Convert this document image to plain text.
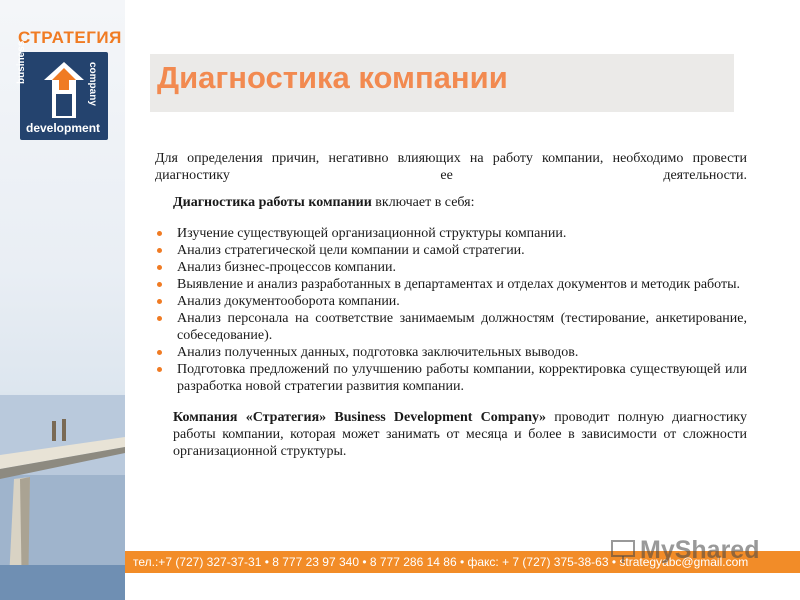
СТРАТЕГИЯ
business	company
development
Диагностика компании

Для определения причин, негативно влияющих на работу компании, необходимо провести диагностику ее деятельности.

Диагностика работы компании включает в себя:

Изучение существующей организационной структуры компании.
Анализ стратегической цели компании и самой стратегии.
Анализ бизнес-процессов компании.
Выявление и анализ разработанных в департаментах и отделах документов и методик работы.
Анализ документооборота компании.
Анализ персонала на соответствие занимаемым должностям (тестирование, анкетирование, собеседование).
Анализ полученных данных, подготовка заключительных выводов.
Подготовка предложений по улучшению работы компании, корректировка существующей или разработка новой стратегии развития компании.

Компания «Стратегия» Business Development Company» проводит полную диагностику работы компании, которая может занимать от месяца и более в зависимости от сложности организационной структуры.

тел.:+7 (727) 327-37-31 • 8 777 23 97 340 • 8 777 286 14 86 • факс: + 7 (727) 375-38-63 • strategyabc@gmail.com
MyShared
